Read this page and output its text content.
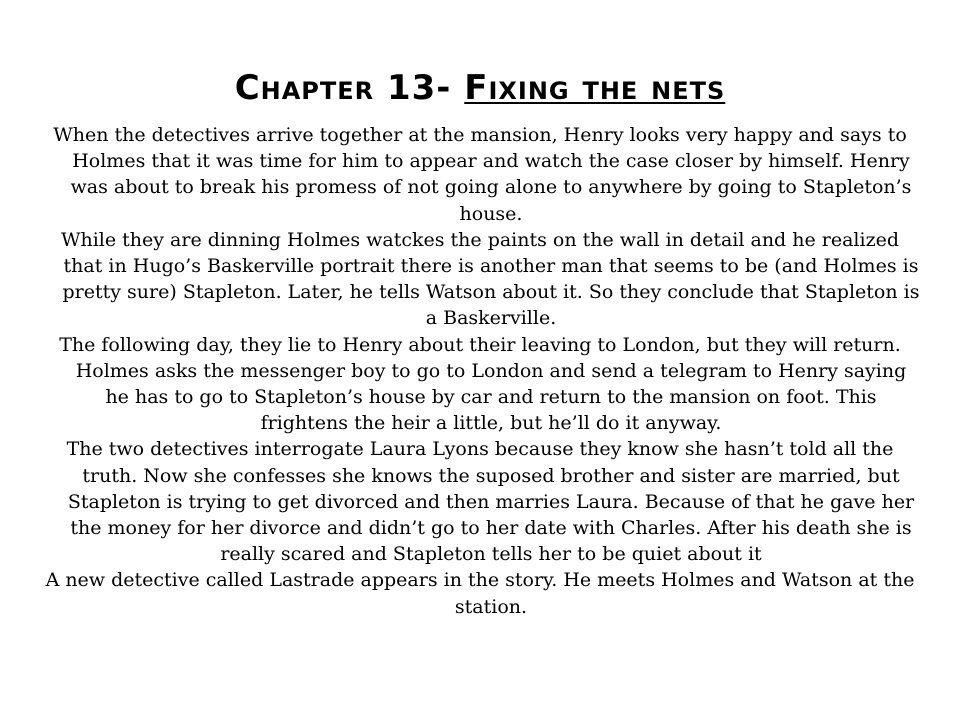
Chapter 13- Fixing the nets

When the detectives arrive together at the mansion, Henry looks very happy and says to Holmes that it was time for him to appear and watch the case closer by himself. Henry was about to break his promess of not going alone to anywhere by going to Stapleton’s house.

While they are dinning Holmes watckes the paints on the wall in detail and he realized that in Hugo’s Baskerville portrait there is another man that seems to be (and Holmes is pretty sure) Stapleton. Later, he tells Watson about it. So they conclude that Stapleton is a Baskerville.

The following day, they lie to Henry about their leaving to London, but they will return. Holmes asks the messenger boy to go to London and send a telegram to Henry saying he has to go to Stapleton’s house by car and return to the mansion on foot. This frightens the heir a little, but he’ll do it anyway.

The two detectives interrogate Laura Lyons because they know she hasn’t told all the truth. Now she confesses she knows the suposed brother and sister are married, but Stapleton is trying to get divorced and then marries Laura. Because of that he gave her the money for her divorce and didn’t go to her date with Charles. After his death she is really scared and Stapleton tells her to be quiet about it

A new detective called Lastrade appears in the story. He meets Holmes and Watson at the station.
